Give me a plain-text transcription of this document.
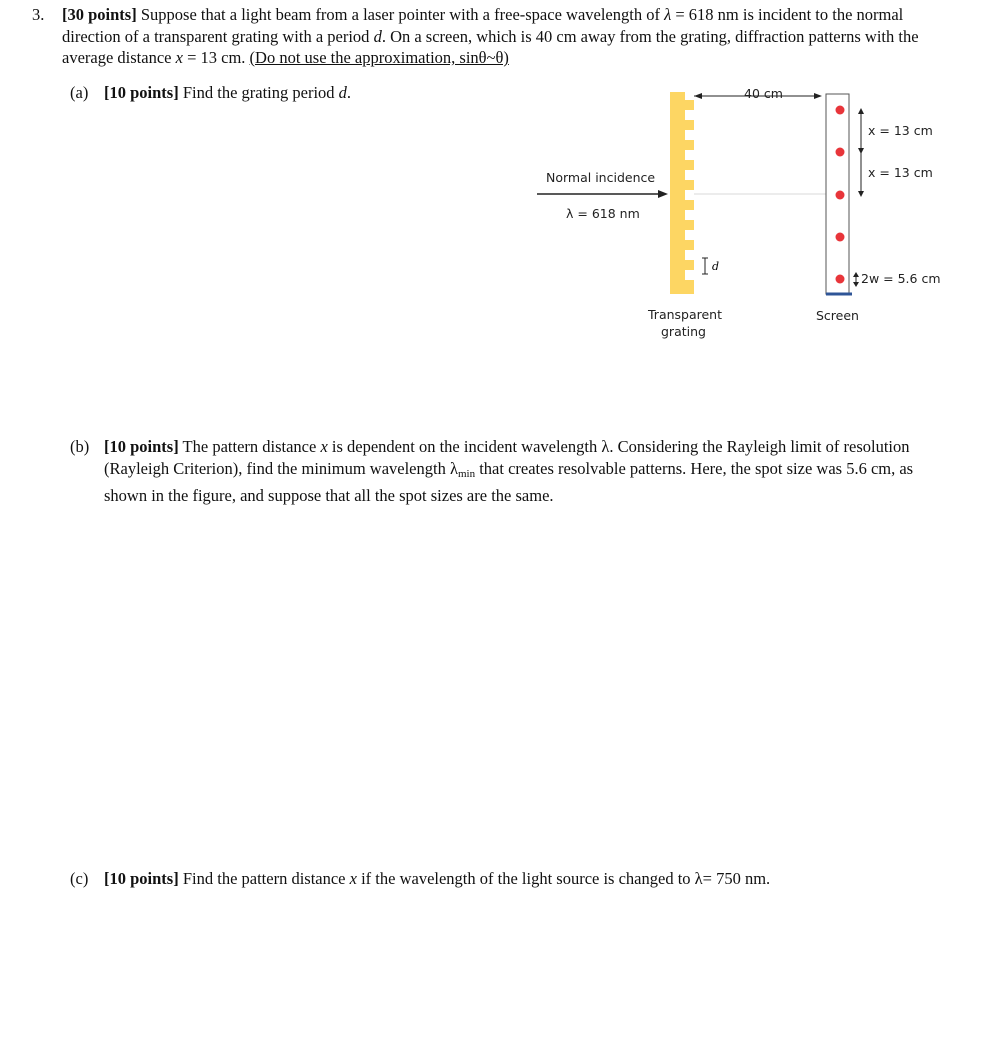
3. [30 points] Suppose that a light beam from a laser pointer with a free-space wavelength of λ = 618 nm is incident to the normal direction of a transparent grating with a period d. On a screen, which is 40 cm away from the grating, diffraction patterns with the average distance x = 13 cm. (Do not use the approximation, sinθ~θ)
(a) [10 points] Find the grating period d.	40 cm
Normal incidence
λ = 618 nm
d
Transparent
grating
Screen
x = 13 cm
x = 13 cm
2w = 5.6 cm
(b) [10 points] The pattern distance x is dependent on the incident wavelength λ. Considering the Rayleigh limit of resolution
(Rayleigh Criterion), find the minimum wavelength $\lambda_{min}$ that creates resolvable patterns. Here, the spot size was 5.6 cm, as shown in the figure, and suppose that all the spot sizes are the same.
(c) [10 points] Find the pattern distance x if the wavelength of the light source is changed to λ= 750 nm.
